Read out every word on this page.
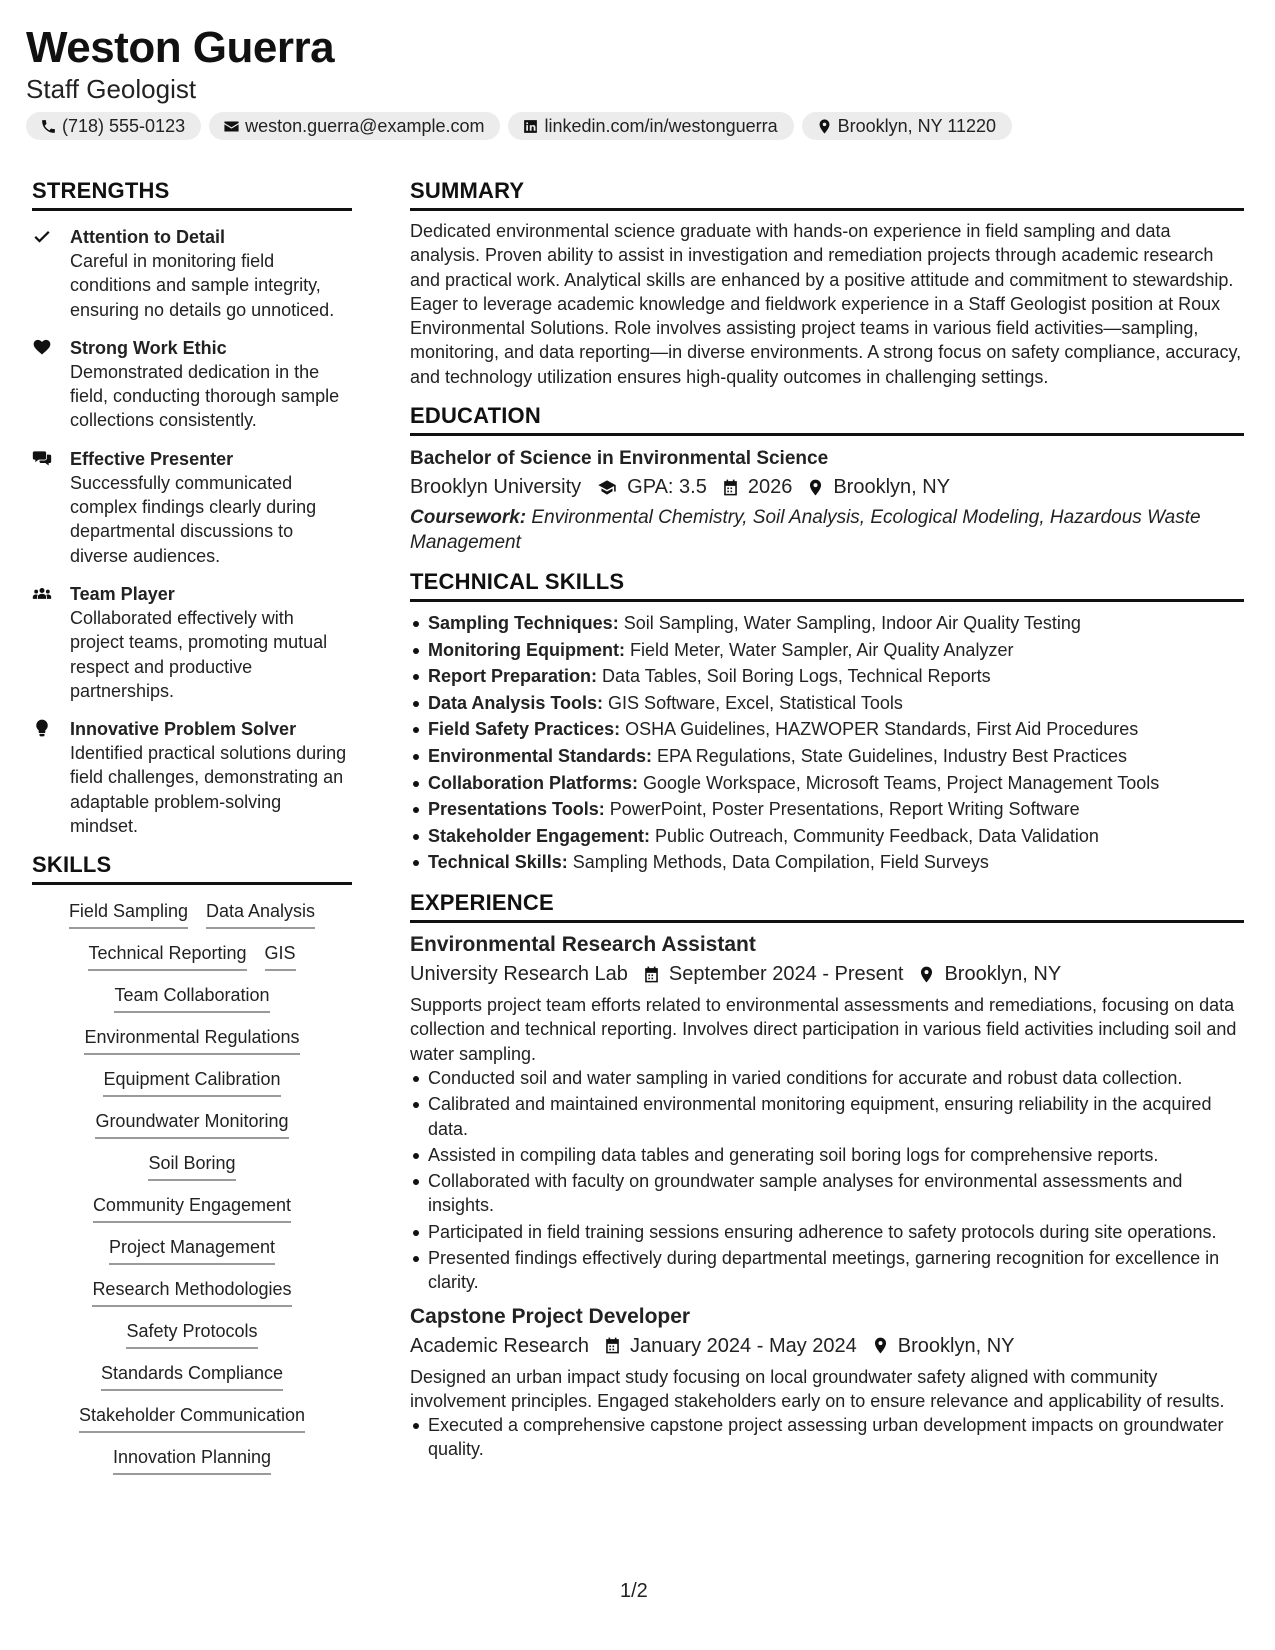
Weston Guerra
Staff Geologist
(718) 555-0123	weston.guerra@example.com	linkedin.com/in/westonguerra	Brooklyn, NY 11220
STRENGTHS
Attention to Detail
Careful in monitoring field conditions and sample integrity, ensuring no details go unnoticed.
Strong Work Ethic
Demonstrated dedication in the field, conducting thorough sample collections consistently.
Effective Presenter
Successfully communicated complex findings clearly during departmental discussions to diverse audiences.
Team Player
Collaborated effectively with project teams, promoting mutual respect and productive partnerships.
Innovative Problem Solver
Identified practical solutions during field challenges, demonstrating an adaptable problem-solving mindset.
SKILLS
Field Sampling Data Analysis
Technical Reporting GIS
Team Collaboration
Environmental Regulations
Equipment Calibration
Groundwater Monitoring
Soil Boring
Community Engagement
Project Management
Research Methodologies
Safety Protocols
Standards Compliance
Stakeholder Communication
Innovation Planning
SUMMARY
Dedicated environmental science graduate with hands-on experience in field sampling and data analysis. Proven ability to assist in investigation and remediation projects through academic research and practical work. Analytical skills are enhanced by a positive attitude and commitment to stewardship. Eager to leverage academic knowledge and fieldwork experience in a Staff Geologist position at Roux Environmental Solutions. Role involves assisting project teams in various field activities—sampling, monitoring, and data reporting—in diverse environments. A strong focus on safety compliance, accuracy, and technology utilization ensures high-quality outcomes in challenging settings.
EDUCATION
Bachelor of Science in Environmental Science
Brooklyn University GPA: 3.5 2026 Brooklyn, NY
Coursework: Environmental Chemistry, Soil Analysis, Ecological Modeling, Hazardous Waste Management
TECHNICAL SKILLS
Sampling Techniques: Soil Sampling, Water Sampling, Indoor Air Quality Testing
Monitoring Equipment: Field Meter, Water Sampler, Air Quality Analyzer
Report Preparation: Data Tables, Soil Boring Logs, Technical Reports
Data Analysis Tools: GIS Software, Excel, Statistical Tools
Field Safety Practices: OSHA Guidelines, HAZWOPER Standards, First Aid Procedures
Environmental Standards: EPA Regulations, State Guidelines, Industry Best Practices
Collaboration Platforms: Google Workspace, Microsoft Teams, Project Management Tools
Presentations Tools: PowerPoint, Poster Presentations, Report Writing Software
Stakeholder Engagement: Public Outreach, Community Feedback, Data Validation
Technical Skills: Sampling Methods, Data Compilation, Field Surveys
EXPERIENCE
Environmental Research Assistant
University Research Lab September 2024 - Present Brooklyn, NY
Supports project team efforts related to environmental assessments and remediations, focusing on data collection and technical reporting. Involves direct participation in various field activities including soil and water sampling.
Conducted soil and water sampling in varied conditions for accurate and robust data collection.
Calibrated and maintained environmental monitoring equipment, ensuring reliability in the acquired data.
Assisted in compiling data tables and generating soil boring logs for comprehensive reports.
Collaborated with faculty on groundwater sample analyses for environmental assessments and insights.
Participated in field training sessions ensuring adherence to safety protocols during site operations.
Presented findings effectively during departmental meetings, garnering recognition for excellence in clarity.
Capstone Project Developer
Academic Research January 2024 - May 2024 Brooklyn, NY
Designed an urban impact study focusing on local groundwater safety aligned with community involvement principles. Engaged stakeholders early on to ensure relevance and applicability of results.
Executed a comprehensive capstone project assessing urban development impacts on groundwater quality.
1/2
